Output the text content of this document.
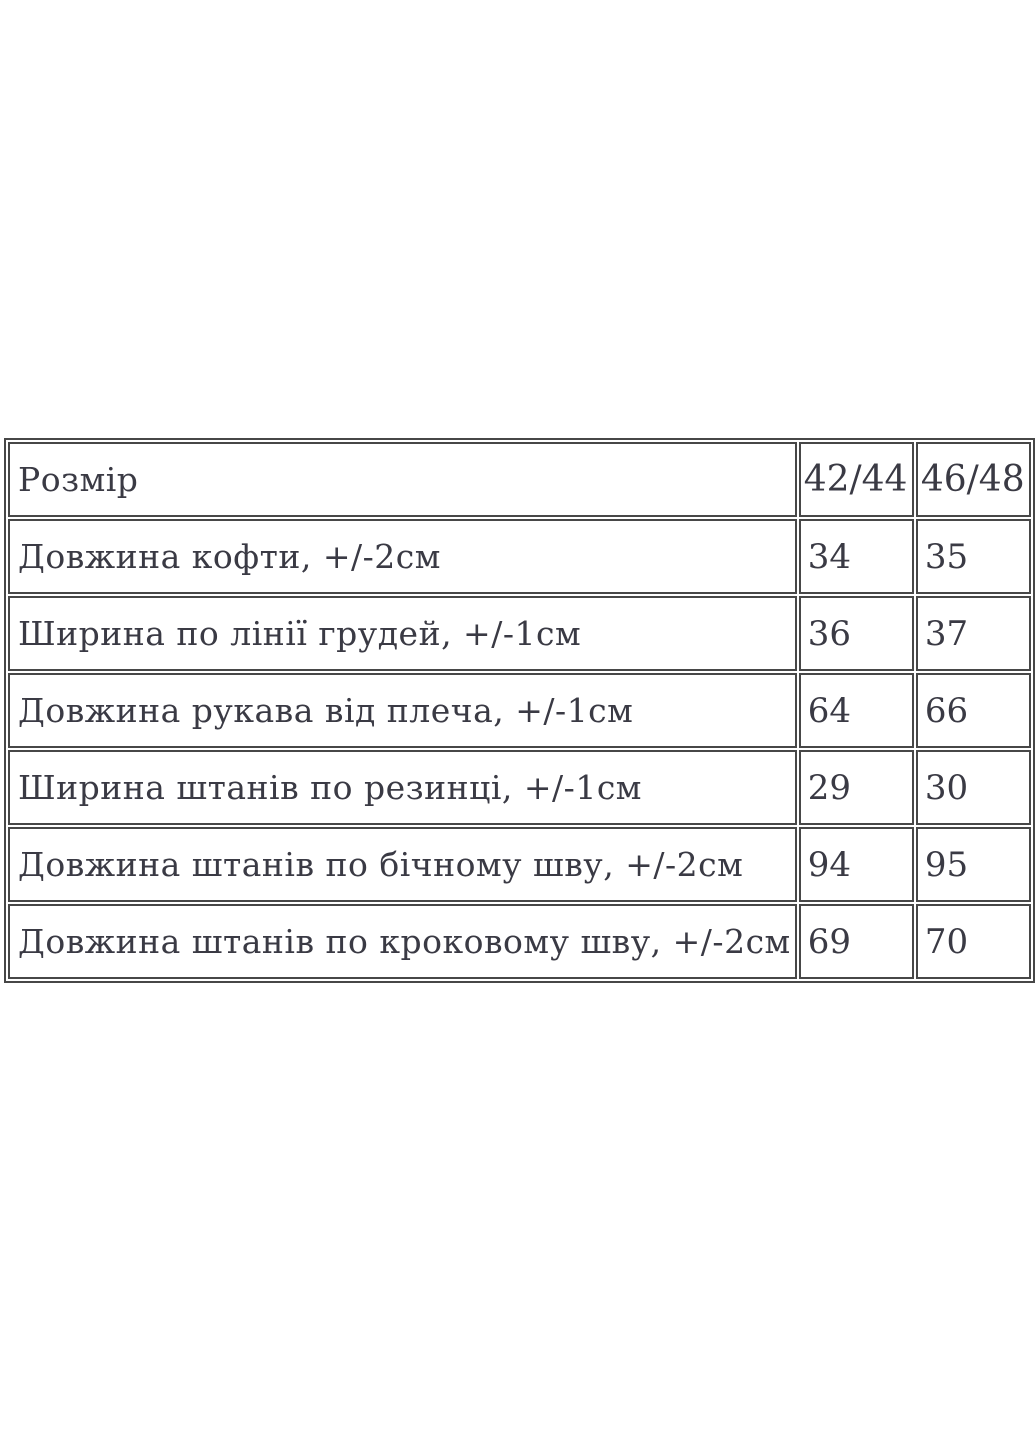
Розмір	42/44	46/48
Довжина кофти, +/-2см	34	35
Ширина по лінії грудей, +/-1см	36	37
Довжина рукава від плеча, +/-1см	64	66
Ширина штанів по резинці, +/-1см	29	30
Довжина штанів по бічному шву, +/-2см	94	95
Довжина штанів по кроковому шву, +/-2см	69	70
